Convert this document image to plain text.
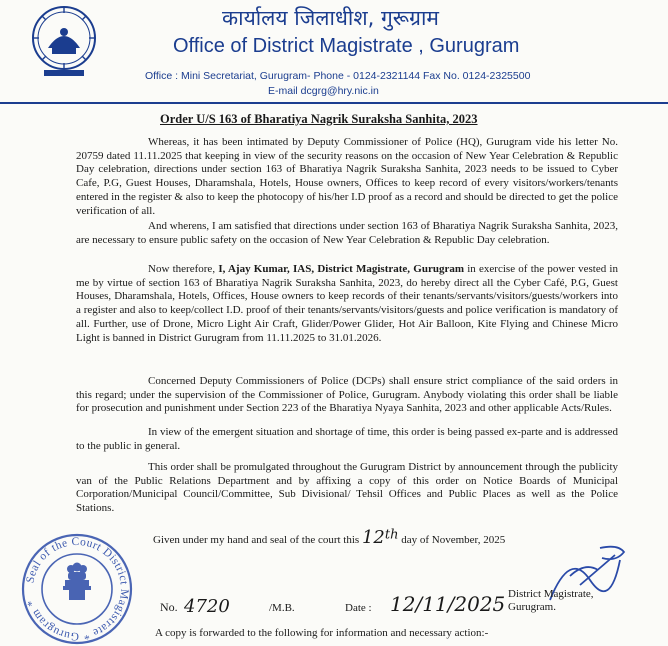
कार्यालय जिलाधीश, गुरूग्राम
Office of District Magistrate , Gurugram
Office : Mini Secretariat, Gurugram- Phone - 0124-2321144 Fax No. 0124-2325500
E-mail dcgrg@hry.nic.in
Order U/S 163 of Bharatiya Nagrik Suraksha Sanhita, 2023
Whereas, it has been intimated by Deputy Commissioner of Police (HQ), Gurugram vide his letter No. 20759 dated 11.11.2025 that keeping in view of the security reasons on the occasion of New Year Celebration & Republic Day celebration, directions under section 163 of Bharatiya Nagrik Suraksha Sanhita, 2023 needs to be issued to Cyber Cafe, P.G, Guest Houses, Dharamshala, Hotels, House owners, Offices to keep record of every visitors/workers/tenants entered in the register & also to keep the photocopy of his/her I.D proof as a record and should be directed to get the police verification of all.
And wherens, I am satisfied that directions under section 163 of Bharatiya Nagrik Suraksha Sanhita, 2023, are necessary to ensure public safety on the occasion of New Year Celebration & Republic Day celebration.
Now therefore, I, Ajay Kumar, IAS, District Magistrate, Gurugram in exercise of the power vested in me by virtue of section 163 of Bharatiya Nagrik Suraksha Sanhita, 2023, do hereby direct all the Cyber Café, P.G, Guest Houses, Dharamshala, Hotels, Offices, House owners to keep records of their tenants/servants/visitors/guests/workers into a register and also to keep/collect I.D. proof of their tenants/servants/visitors/guests and police verification is mandatory of all. Further, use of Drone, Micro Light Air Craft, Glider/Power Glider, Hot Air Balloon, Kite Flying and Chinese Micro Light is banned in District Gurugram from 11.11.2025 to 31.01.2026.
Concerned Deputy Commissioners of Police (DCPs) shall ensure strict compliance of the said orders in this regard; under the supervision of the Commissioner of Police, Gurugram. Anybody violating this order shall be liable for prosecution and punishment under Section 223 of the Bharatiya Nyaya Sanhita, 2023 and other applicable Acts/Rules.
In view of the emergent situation and shortage of time, this order is being passed ex-parte and is addressed to the public in general.
This order shall be promulgated throughout the Gurugram District by announcement through the publicity van of the Public Relations Department and by affixing a copy of this order on Notice Boards of Municipal Corporation/Municipal Council/Committee, Sub Divisional/ Tehsil Offices and Public Places as well as the Police Stations.
Given under my hand and seal of the court this 12th day of November, 2025
Seal of the Court District Magistrate * Gurugram *
District Magistrate,
Gurugram.
No. 4720	/M.B.	Date : 12/11/2025
A copy is forwarded to the following for information and necessary action:-
